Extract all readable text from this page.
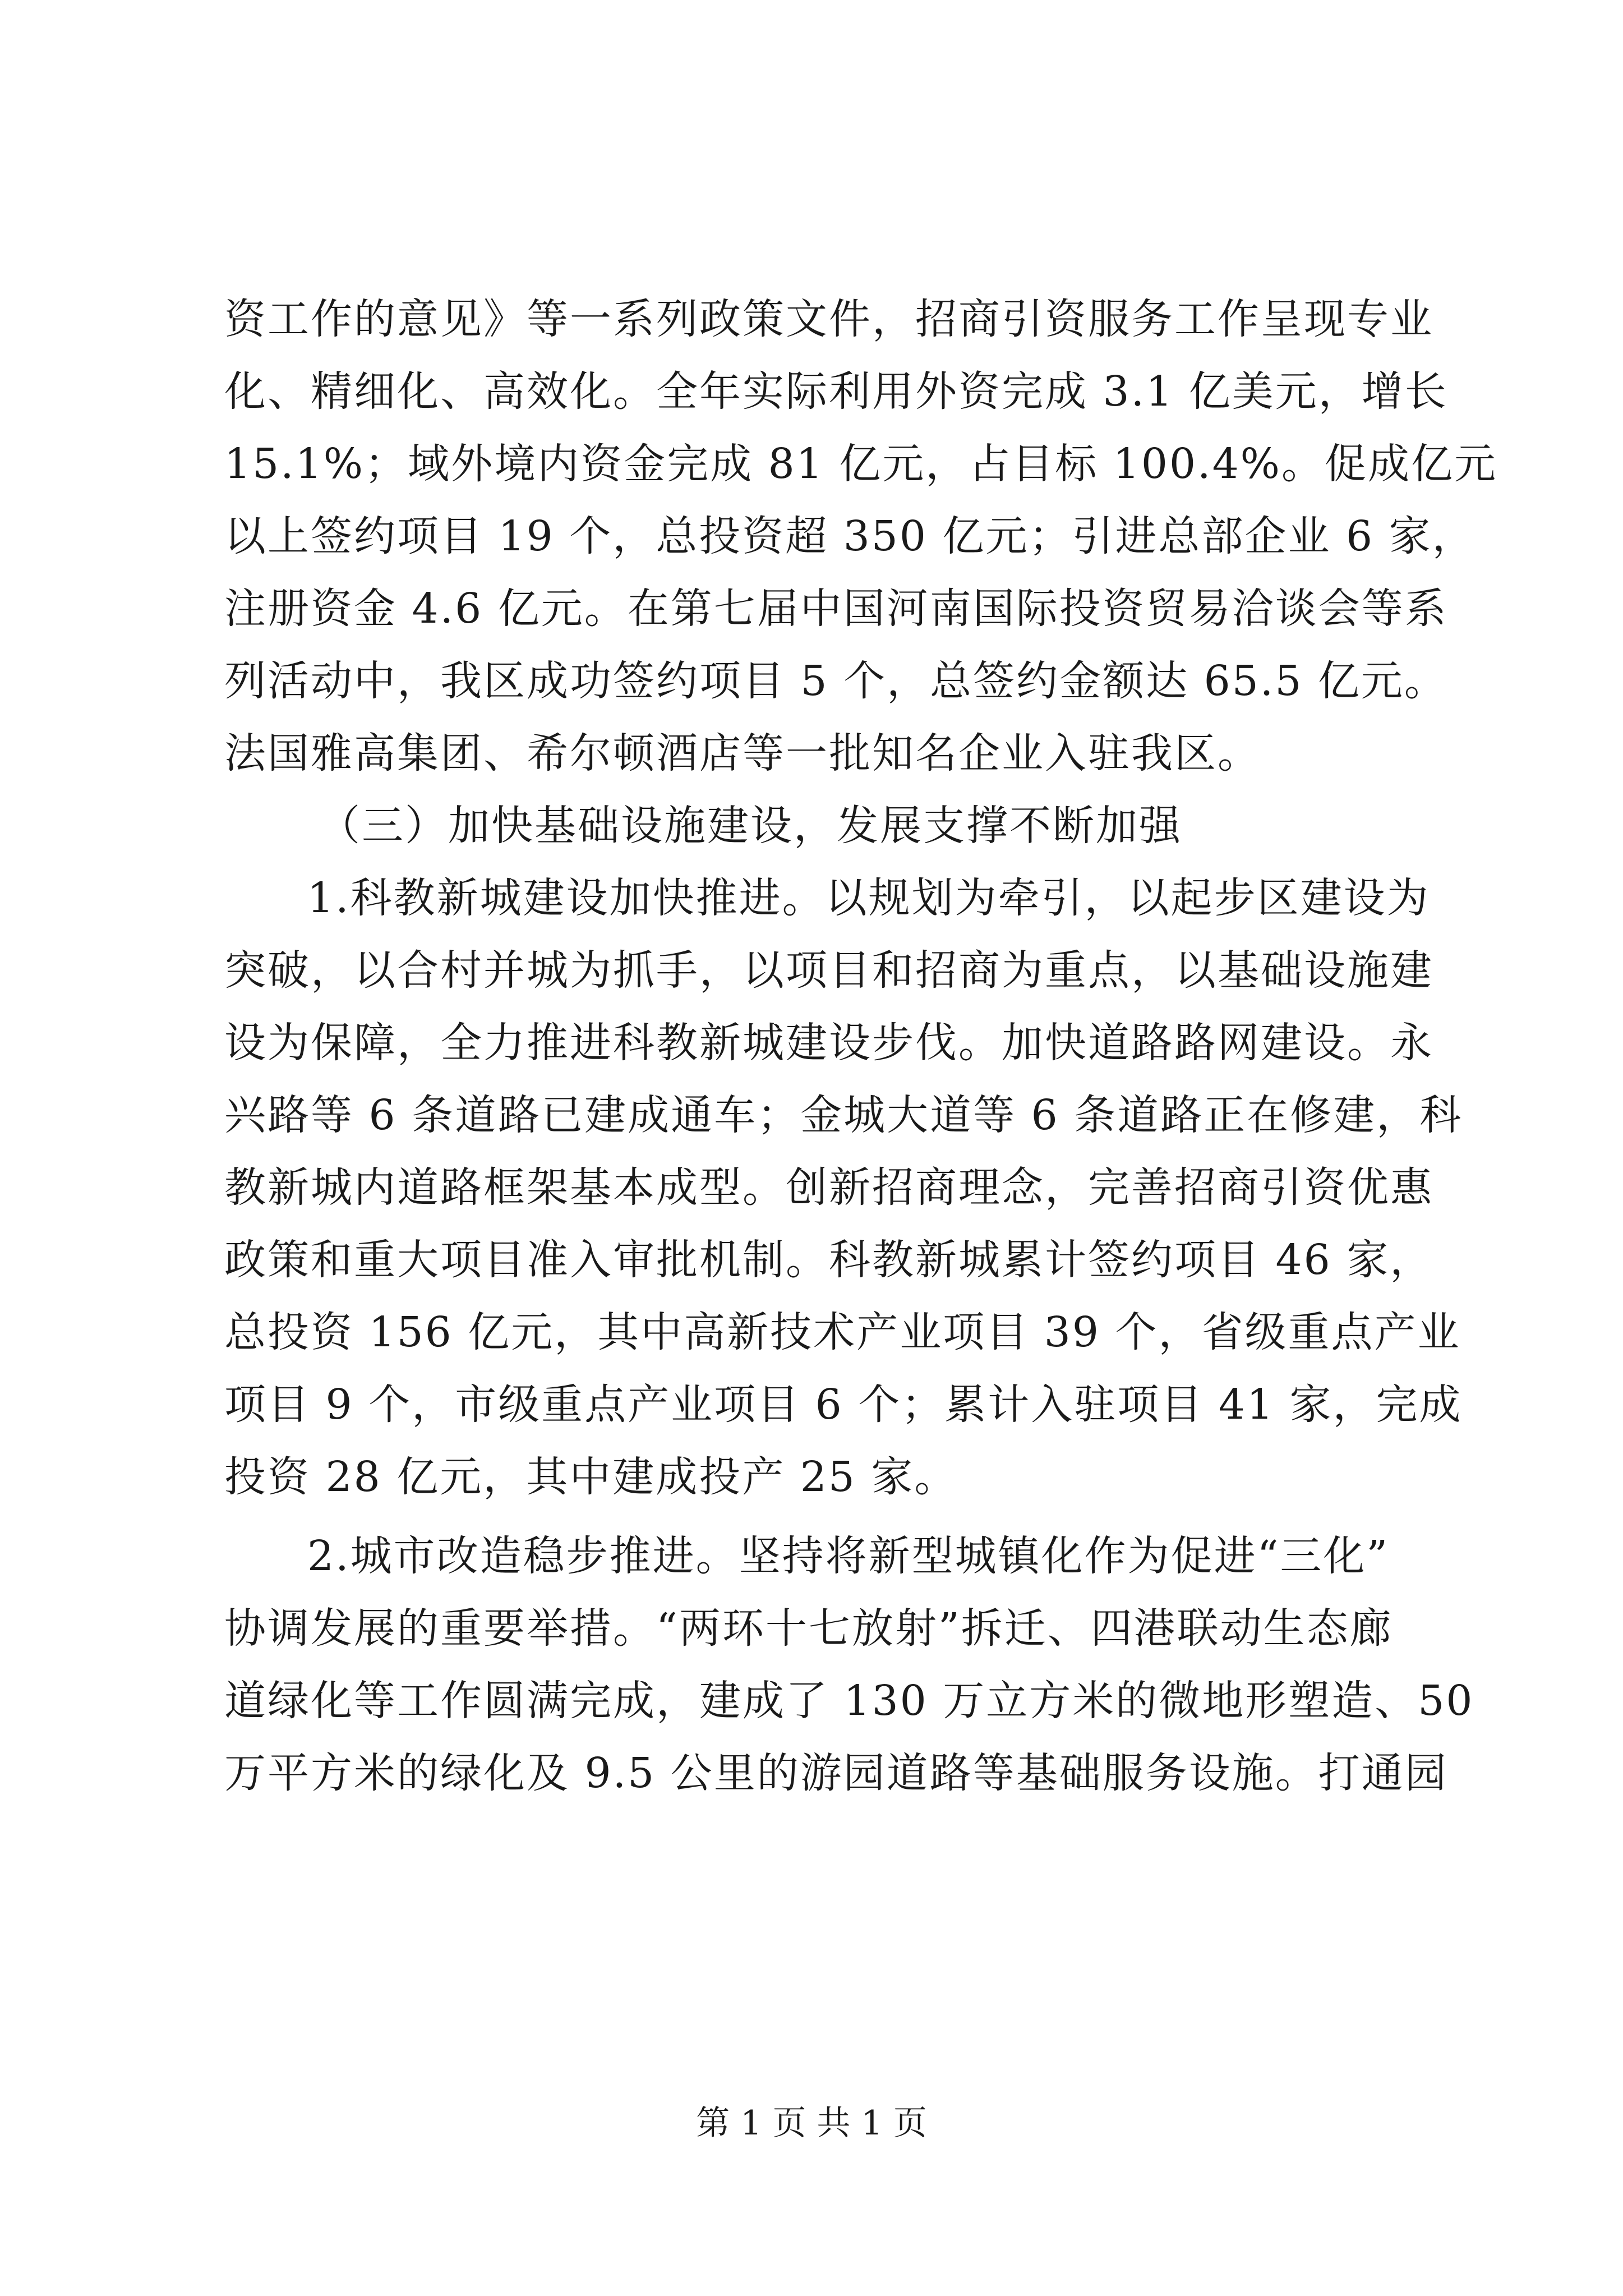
资工作的意见》等一系列政策文件，招商引资服务工作呈现专业
化、精细化、高效化。全年实际利用外资完成 3.1 亿美元，增长
15.1%；域外境内资金完成 81 亿元，占目标 100.4%。促成亿元
以上签约项目 19 个，总投资超 350 亿元；引进总部企业 6 家，
注册资金 4.6 亿元。在第七届中国河南国际投资贸易洽谈会等系
列活动中，我区成功签约项目 5 个，总签约金额达 65.5 亿元。
法国雅高集团、希尔顿酒店等一批知名企业入驻我区。
（三）加快基础设施建设，发展支撑不断加强
1.科教新城建设加快推进。以规划为牵引，以起步区建设为
突破，以合村并城为抓手，以项目和招商为重点，以基础设施建
设为保障，全力推进科教新城建设步伐。加快道路路网建设。永
兴路等 6 条道路已建成通车；金城大道等 6 条道路正在修建，科
教新城内道路框架基本成型。创新招商理念，完善招商引资优惠
政策和重大项目准入审批机制。科教新城累计签约项目 46 家，
总投资 156 亿元，其中高新技术产业项目 39 个，省级重点产业
项目 9 个，市级重点产业项目 6 个；累计入驻项目 41 家，完成
投资 28 亿元，其中建成投产 25 家。
2.城市改造稳步推进。坚持将新型城镇化作为促进“三化”
协调发展的重要举措。“两环十七放射”拆迁、四港联动生态廊
道绿化等工作圆满完成，建成了 130 万立方米的微地形塑造、50
万平方米的绿化及 9.5 公里的游园道路等基础服务设施。打通园
第 1 页 共 1 页
